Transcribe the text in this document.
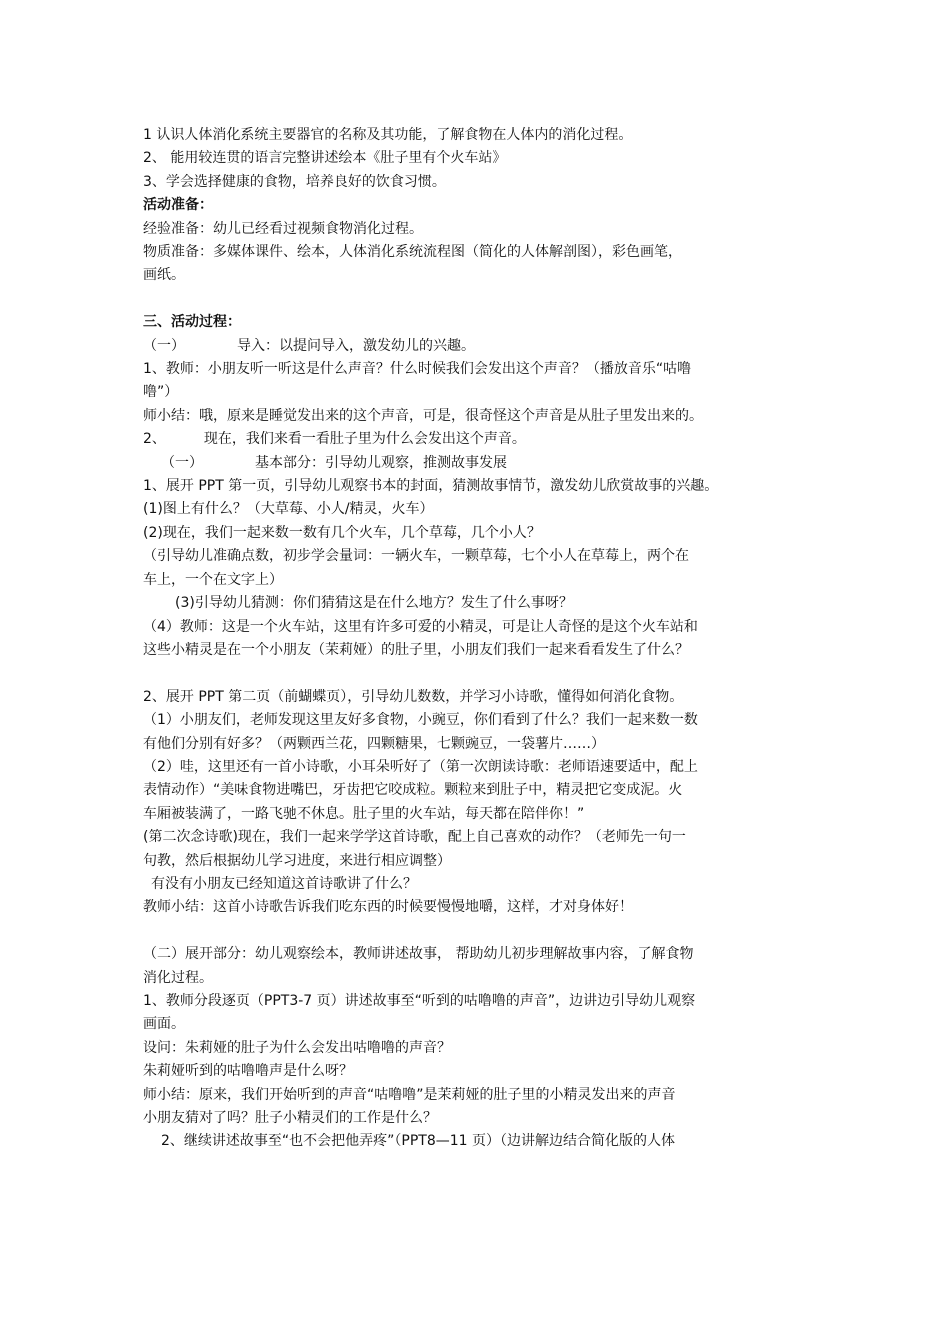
1 认识人体消化系统主要器官的名称及其功能，了解食物在人体内的消化过程。
2、 能用较连贯的语言完整讲述绘本《肚子里有个火车站》
3、学会选择健康的食物，培养良好的饮食习惯。
活动准备：
经验准备：幼儿已经看过视频食物消化过程。
物质准备：多媒体课件、绘本，人体消化系统流程图（简化的人体解剖图），彩色画笔，
画纸。
三、活动过程：
（一）	导入：以提问导入，激发幼儿的兴趣。
1、教师：小朋友听一听这是什么声音？什么时候我们会发出这个声音？（播放音乐“咕噜
噜”）
师小结：哦，原来是睡觉发出来的这个声音，可是，很奇怪这个声音是从肚子里发出来的。
2、	现在，我们来看一看肚子里为什么会发出这个声音。
（一）	基本部分：引导幼儿观察，推测故事发展
1、展开 PPT 第一页，引导幼儿观察书本的封面，猜测故事情节，激发幼儿欣赏故事的兴趣。
(1)图上有什么？（大草莓、小人/精灵，火车）
(2)现在，我们一起来数一数有几个火车，几个草莓，几个小人？
（引导幼儿准确点数，初步学会量词：一辆火车，一颗草莓，七个小人在草莓上，两个在
车上，一个在文字上）
(3)引导幼儿猜测：你们猜猜这是在什么地方？发生了什么事呀？
（4）教师：这是一个火车站，这里有许多可爱的小精灵，可是让人奇怪的是这个火车站和
这些小精灵是在一个小朋友（茉莉娅）的肚子里，小朋友们我们一起来看看发生了什么？
2、展开 PPT 第二页（前蝴蝶页），引导幼儿数数，并学习小诗歌，懂得如何消化食物。
（1）小朋友们，老师发现这里友好多食物，小豌豆，你们看到了什么？我们一起来数一数
有他们分别有好多？（两颗西兰花，四颗糖果，七颗豌豆，一袋薯片……）
（2）哇，这里还有一首小诗歌，小耳朵听好了（第一次朗读诗歌：老师语速要适中，配上
表情动作）“美味食物进嘴巴，牙齿把它咬成粒。颗粒来到肚子中，精灵把它变成泥。火
车厢被装满了，一路飞驰不休息。肚子里的火车站，每天都在陪伴你！”
(第二次念诗歌)现在，我们一起来学学这首诗歌，配上自己喜欢的动作？（老师先一句一
句教，然后根据幼儿学习进度，来进行相应调整）
有没有小朋友已经知道这首诗歌讲了什么？
教师小结：这首小诗歌告诉我们吃东西的时候要慢慢地嚼，这样，才对身体好！
（二）展开部分：幼儿观察绘本，教师讲述故事， 帮助幼儿初步理解故事内容，了解食物
消化过程。
1、教师分段逐页（PPT3-7 页）讲述故事至“听到的咕噜噜的声音”，边讲边引导幼儿观察
画面。
设问：朱莉娅的肚子为什么会发出咕噜噜的声音？
朱莉娅听到的咕噜噜声是什么呀？
师小结：原来，我们开始听到的声音“咕噜噜”是茉莉娅的肚子里的小精灵发出来的声音
小朋友猜对了吗？肚子小精灵们的工作是什么？
2、继续讲述故事至“也不会把他弄疼”（PPT8—11 页）（边讲解边结合简化版的人体
